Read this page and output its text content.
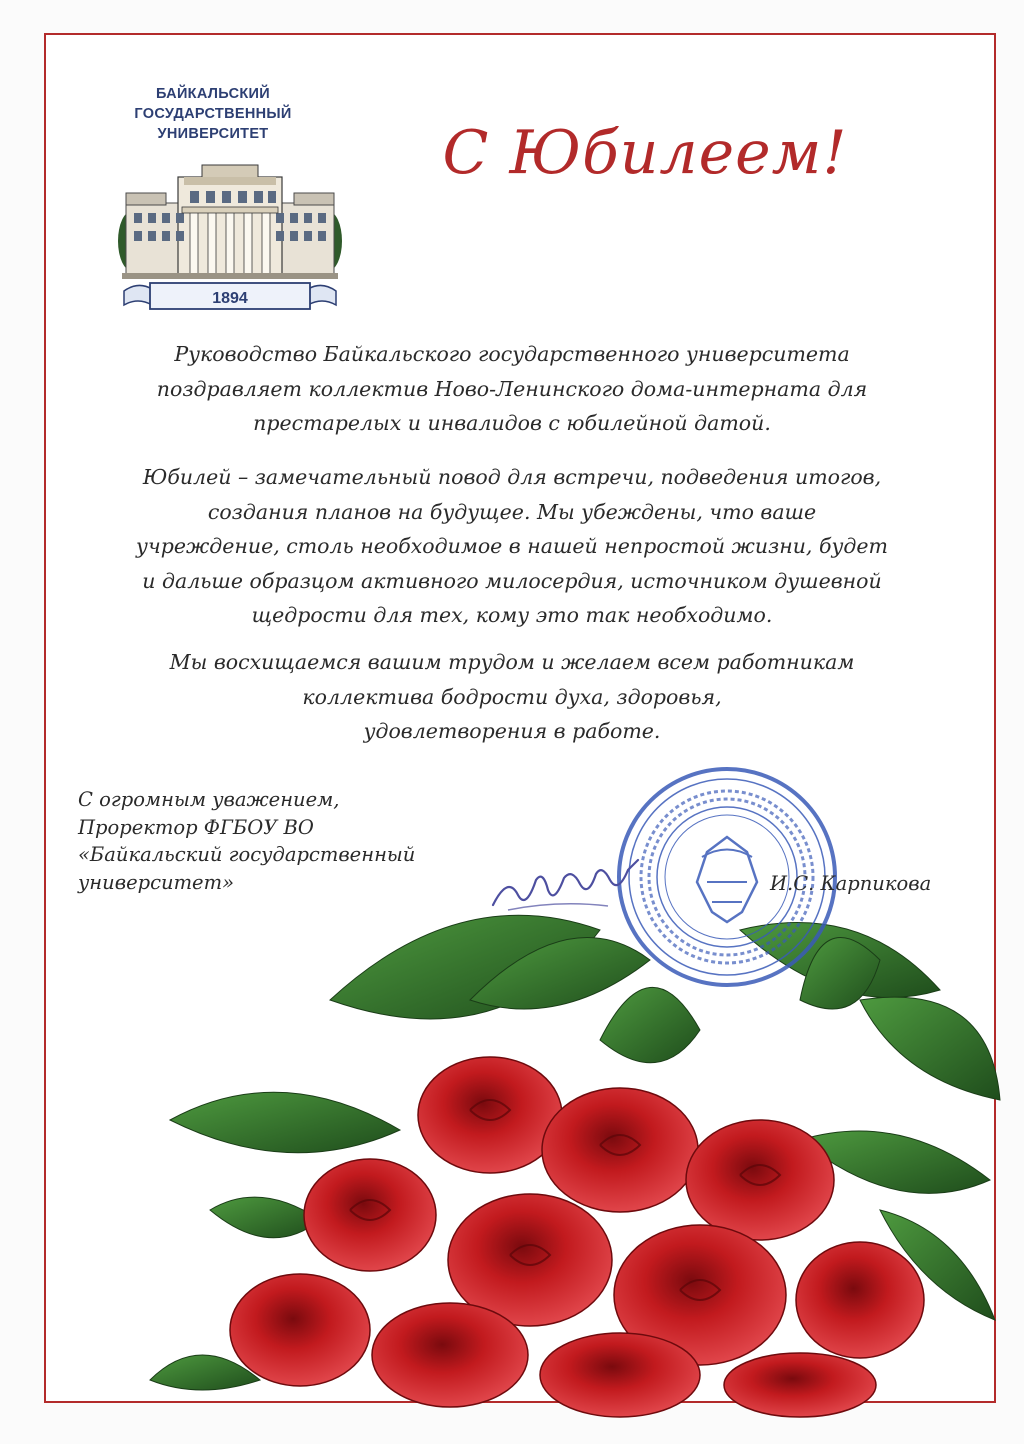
БАЙКАЛЬСКИЙ
ГОСУДАРСТВЕННЫЙ
УНИВЕРСИТЕТ
1894
С Юбилеем!
Руководство Байкальского государственного университета
поздравляет коллектив Ново-Ленинского дома-интерната для
престарелых и инвалидов с юбилейной датой.
Юбилей – замечательный повод для встречи, подведения итогов,
создания планов на будущее. Мы убеждены, что ваше
учреждение, столь необходимое в нашей непростой жизни, будет
и дальше образцом активного милосердия, источником душевной
щедрости для тех, кому это так необходимо.
Мы восхищаемся вашим трудом и желаем всем работникам
коллектива бодрости духа, здоровья,
удовлетворения в работе.
С огромным уважением,
Проректор ФГБОУ ВО
«Байкальский государственный
университет»	И.С. Карпикова
